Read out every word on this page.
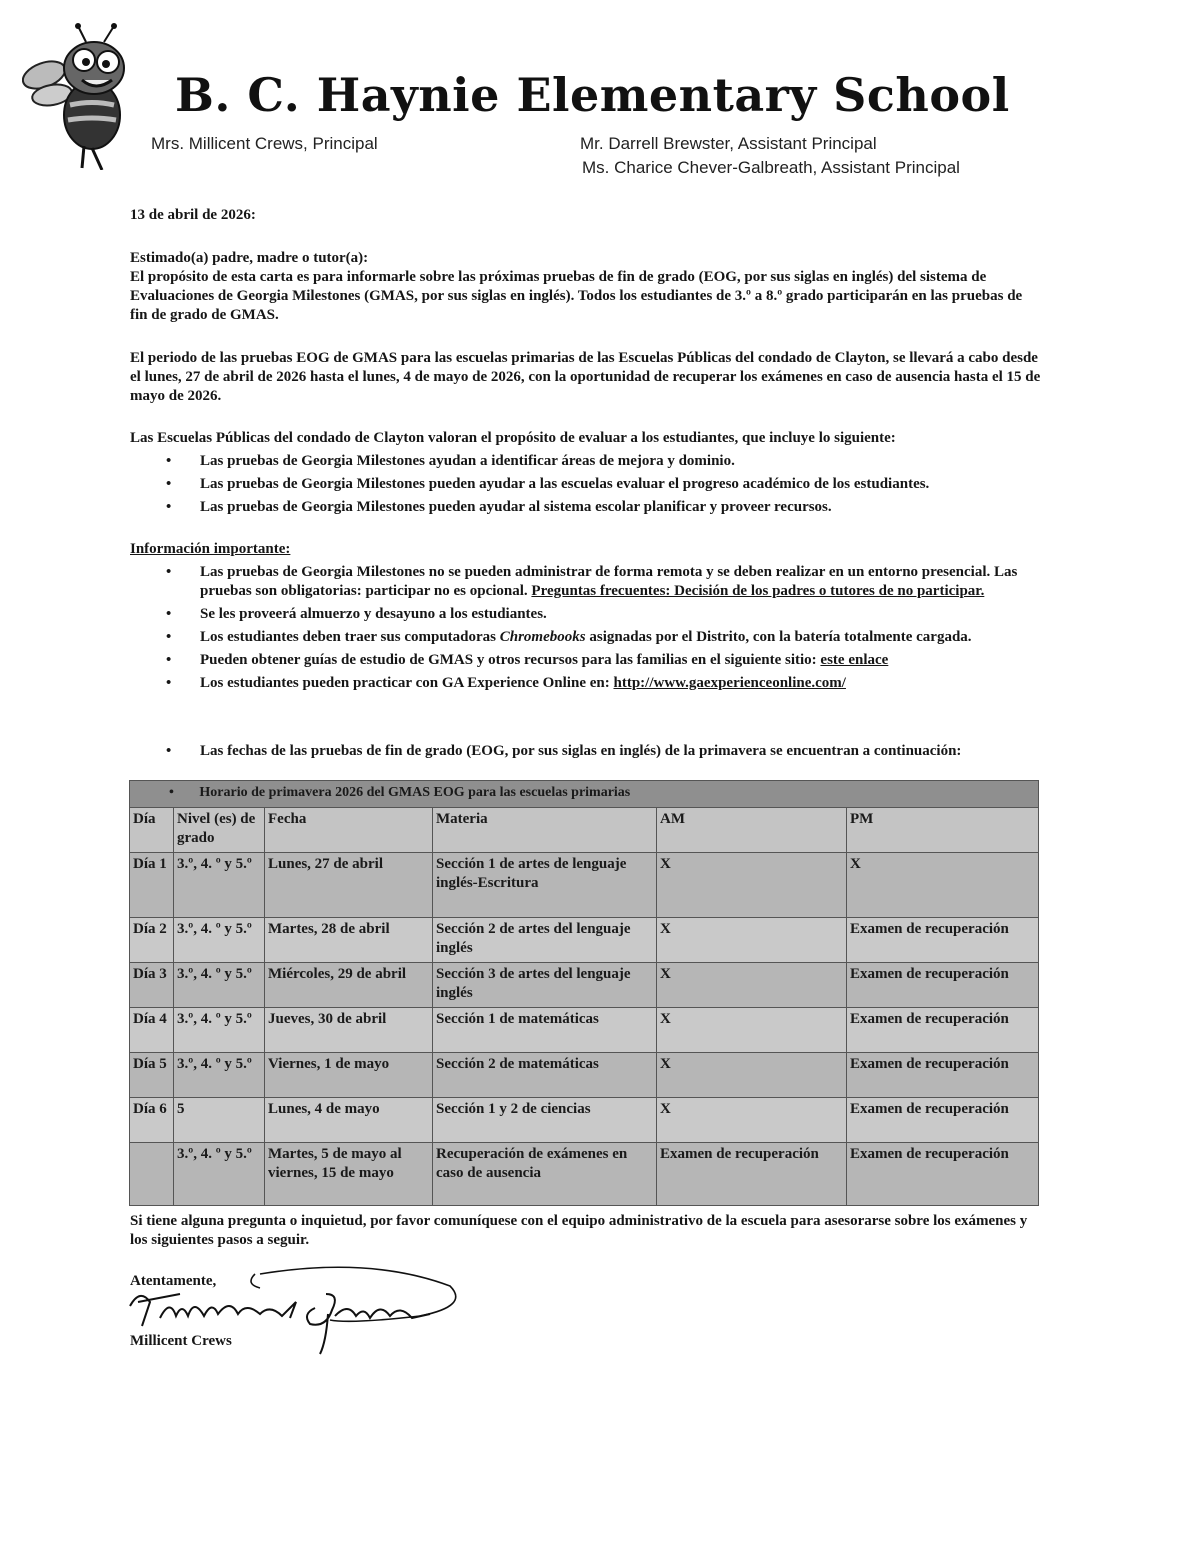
B. C. Haynie Elementary School
Mrs. Millicent Crews, Principal	Mr. Darrell Brewster, Assistant Principal
Ms. Charice Chever-Galbreath, Assistant Principal
13 de abril de 2026:
Estimado(a) padre, madre o tutor(a):
El propósito de esta carta es para informarle sobre las próximas pruebas de fin de grado (EOG, por sus siglas en inglés) del sistema de Evaluaciones de Georgia Milestones (GMAS, por sus siglas en inglés). Todos los estudiantes de 3.º a 8.º grado participarán en las pruebas de fin de grado de GMAS.
El periodo de las pruebas EOG de GMAS para las escuelas primarias de las Escuelas Públicas del condado de Clayton, se llevará a cabo desde el lunes, 27 de abril de 2026 hasta el lunes, 4 de mayo de 2026, con la oportunidad de recuperar los exámenes en caso de ausencia hasta el 15 de mayo de 2026.
Las Escuelas Públicas del condado de Clayton valoran el propósito de evaluar a los estudiantes, que incluye lo siguiente:
• Las pruebas de Georgia Milestones ayudan a identificar áreas de mejora y dominio.
• Las pruebas de Georgia Milestones pueden ayudar a las escuelas evaluar el progreso académico de los estudiantes.
• Las pruebas de Georgia Milestones pueden ayudar al sistema escolar planificar y proveer recursos.
Información importante:
• Las pruebas de Georgia Milestones no se pueden administrar de forma remota y se deben realizar en un entorno presencial. Las pruebas son obligatorias: participar no es opcional. Preguntas frecuentes: Decisión de los padres o tutores de no participar.
• Se les proveerá almuerzo y desayuno a los estudiantes.
• Los estudiantes deben traer sus computadoras Chromebooks asignadas por el Distrito, con la batería totalmente cargada.
• Pueden obtener guías de estudio de GMAS y otros recursos para las familias en el siguiente sitio: este enlace
• Los estudiantes pueden practicar con GA Experience Online en: http://www.gaexperienceonline.com/
Las fechas de las pruebas de fin de grado (EOG, por sus siglas en inglés) de la primavera se encuentran a continuación:
•
• Horario de primavera 2026 del GMAS EOG para las escuelas primarias					
Día	Nivel (es) de grado	Fecha	Materia	AM	PM
Día 1	3.º, 4. º y 5.º	Lunes, 27 de abril	Sección 1 de artes de lenguaje inglés-Escritura	X	X
Día 2	3.º, 4. º y 5.º	Martes, 28 de abril	Sección 2 de artes del lenguaje inglés	X	Examen de recuperación
Día 3	3.º, 4. º y 5.º	Miércoles, 29 de abril	Sección 3 de artes del lenguaje inglés	X	Examen de recuperación
Día 4	3.º, 4. º y 5.º	Jueves, 30 de abril	Sección 1 de matemáticas	X	Examen de recuperación
Día 5	3.º, 4. º y 5.º	Viernes, 1 de mayo	Sección 2 de matemáticas	X	Examen de recuperación
Día 6	5	Lunes, 4 de mayo	Sección 1 y 2 de ciencias	X	Examen de recuperación
	3.º, 4. º y 5.º	Martes, 5 de mayo al viernes, 15 de mayo	Recuperación de exámenes en caso de ausencia	Examen de recuperación	Examen de recuperación
Si tiene alguna pregunta o inquietud, por favor comuníquese con el equipo administrativo de la escuela para asesorarse sobre los exámenes y los siguientes pasos a seguir.
Atentamente,
Millicent Crews
